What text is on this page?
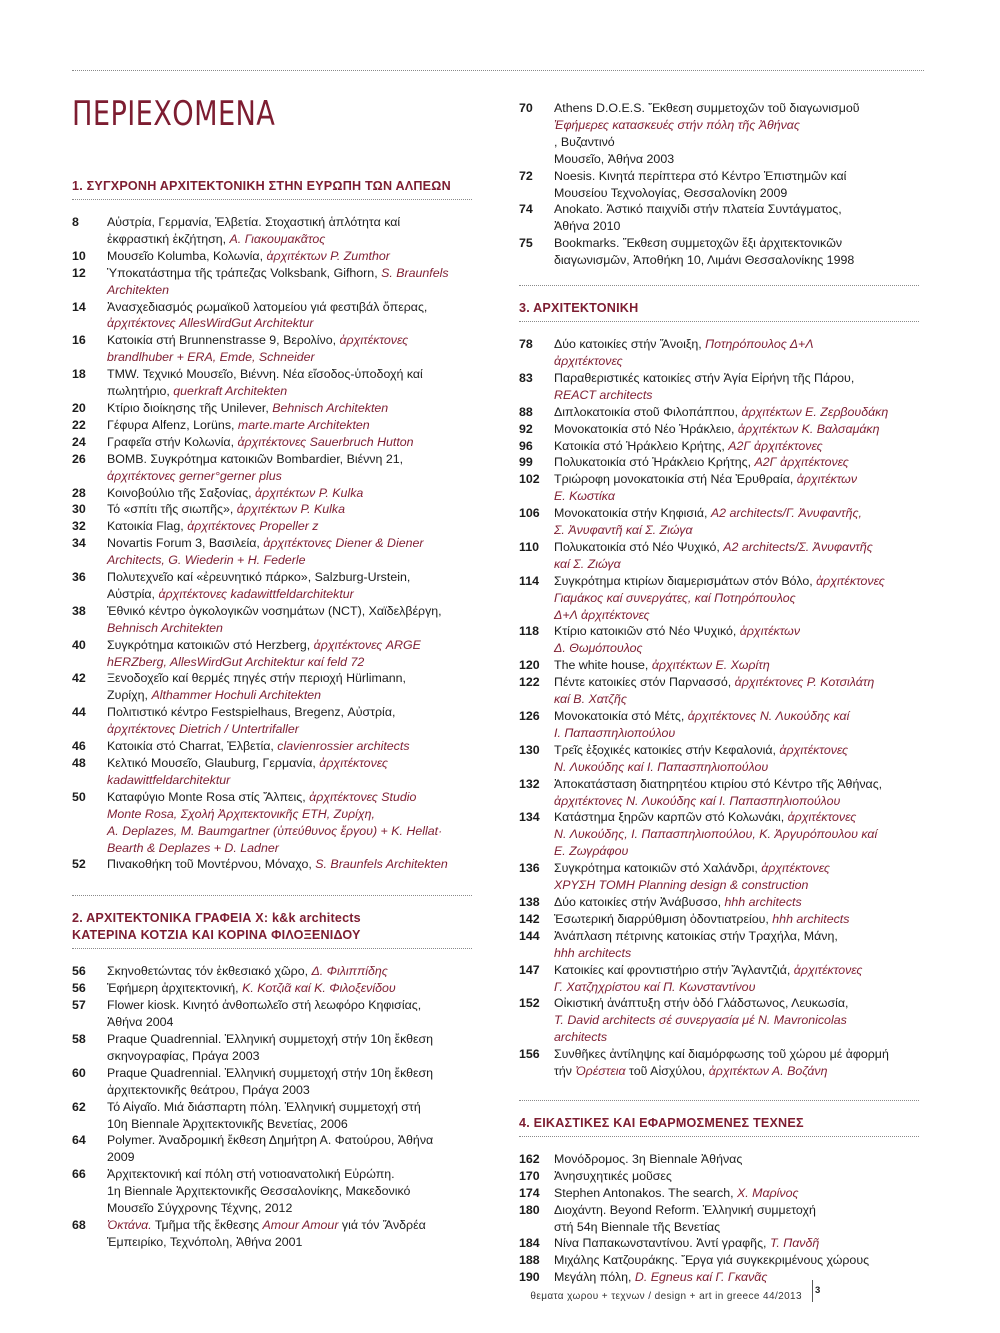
ΠΕΡΙΕΧΟΜΕΝΑ
1. ΣΥΓΧΡΟΝΗ ΑΡΧΙΤΕΚΤΟΝΙΚΗ ΣΤΗΝ ΕΥΡΩΠΗ ΤΩΝ ΑΛΠΕΩΝ
8	Αὐστρία, Γερμανία, Ἑλβετία. Στοχαστική ἁπλότητα καί
ἐκφραστική ἐκζήτηση, Α. Γιακουμακᾶτος
10	Μουσεῖο Kolumba, Κολωνία, ἀρχιτέκτων P. Zumthor
12	Ὑποκατάστημα τῆς τράπεζας Volksbank, Gifhorn, S. Braunfels
Architekten
14	Ἀνασχεδιασμός ρωμαϊκοῦ λατομείου γιά φεστιβάλ ὄπερας,
ἀρχιτέκτονες AllesWirdGut Architektur
16	Κατοικία στή Brunnenstrasse 9, Βερολίνο, ἀρχιτέκτονες
brandlhuber + ERA, Emde, Schneider
18	TMW. Τεχνικό Μουσεῖο, Βιέννη. Νέα εἴσοδος-ὑποδοχή καί
πωλητήριο, querkraft Architekten
20	Κτίριο διοίκησης τῆς Unilever, Behnisch Architekten
22	Γέφυρα Alfenz, Lorüns, marte.marte Architekten
24	Γραφεῖα στήν Κολωνία, ἀρχιτέκτονες Sauerbruch Hutton
26	BOMB. Συγκρότημα κατοικιῶν Bombardier, Βιέννη 21,
ἀρχιτέκτονες gerner°gerner plus
28	Κοινοβούλιο τῆς Σαξονίας, ἀρχιτέκτων P. Kulka
30	Τό «σπίτι τῆς σιωπῆς», ἀρχιτέκτων P. Kulka
32	Κατοικία Flag, ἀρχιτέκτονες Propeller z
34	Novartis Forum 3, Βασιλεία, ἀρχιτέκτονες Diener & Diener
Architects, G. Wiederin + H. Federle
36	Πολυτεχνεῖο καί «ἐρευνητικό πάρκο», Salzburg-Urstein,
Αὐστρία, ἀρχιτέκτονες kadawittfeldarchitektur
38	Ἐθνικό κέντρο ὀγκολογικῶν νοσημάτων (NCT), Χαϊδελβέργη,
Behnisch Architekten
40	Συγκρότημα κατοικιῶν στό Herzberg, ἀρχιτέκτονες ARGE
hERZberg, AllesWirdGut Architektur καί feld 72
42	Ξενοδοχεῖο καί θερμές πηγές στήν περιοχή Hürlimann,
Ζυρίχη, Althammer Hochuli Architekten
44	Πολιτιστικό κέντρο Festspielhaus, Bregenz, Αὐστρία,
ἀρχιτέκτονες Dietrich / Untertrifaller
46	Κατοικία στό Charrat, Ἑλβετία, clavienrossier architects
48	Κελτικό Μουσεῖο, Glauburg, Γερμανία, ἀρχιτέκτονες
kadawittfeldarchitektur
50	Καταφύγιο Monte Rosa στίς Ἄλπεις, ἀρχιτέκτονες Studio
Monte Rosa, Σχολή Ἀρχιτεκτονικῆς ETH, Ζυρίχη,
A. Deplazes, M. Baumgartner (ὑπεύθυνος ἔργου) + K. Hellat·
Bearth & Deplazes + D. Ladner
52	Πινακοθήκη τοῦ Μοντέρνου, Μόναχο, S. Braunfels Architekten
2. ΑΡΧΙΤΕΚΤΟΝΙΚΑ ΓΡΑΦΕΙΑ Χ: k&k architects
ΚΑΤΕΡΙΝΑ ΚΟΤΖΙΑ ΚΑΙ ΚΟΡΙΝΑ ΦΙΛΟΞΕΝΙΔΟΥ
56	Σκηνοθετώντας τόν ἐκθεσιακό χῶρο, Δ. Φιλιππίδης
56	Ἐφήμερη ἀρχιτεκτονική, Κ. Κοτζιᾶ καί Κ. Φιλοξενίδου
57	Flower kiosk. Κινητό ἀνθοπωλεῖο στή λεωφόρο Κηφισίας,
Ἀθήνα 2004
58	Praque Quadrennial. Ἑλληνική συμμετοχή στήν 10η ἔκθεση
σκηνογραφίας, Πράγα 2003
60	Praque Quadrennial. Ἑλληνική συμμετοχή στήν 10η ἔκθεση
ἀρχιτεκτονικῆς θεάτρου, Πράγα 2003
62	Τό Αἰγαῖο. Μιά διάσπαρτη πόλη. Ἑλληνική συμμετοχή στή
10η Biennale Ἀρχιτεκτονικῆς Βενετίας, 2006
64	Polymer. Ἀναδρομική ἔκθεση Δημήτρη Α. Φατούρου, Ἀθήνα
2009
66	Ἀρχιτεκτονική καί πόλη στή νοτιοανατολική Εὐρώπη.
1η Biennale Ἀρχιτεκτονικῆς Θεσσαλονίκης, Μακεδονικό
Μουσεῖο Σύγχρονης Τέχνης, 2012
68	Ὀκτάνα. Τμῆμα τῆς ἔκθεσης Amour Amour γιά τόν Ἄνδρέα
Ἐμπειρίκο, Τεχνόπολη, Ἀθήνα 2001
70	Athens D.O.E.S. Ἔκθεση συμμετοχῶν τοῦ διαγωνισμοῦ
Ἐφήμερες κατασκευές στήν πόλη τῆς Ἀθήνας
, Βυζαντινό
Μουσεῖο, Ἀθήνα 2003
72	Noesis. Κινητά περίπτερα στό Κέντρο Ἐπιστημῶν καί
Μουσείου Τεχνολογίας, Θεσσαλονίκη 2009
74	Anokato. Ἀστικό παιχνίδι στήν πλατεία Συντάγματος,
Ἀθήνα 2010
75	Bookmarks. Ἔκθεση συμμετοχῶν ἔξι ἀρχιτεκτονικῶν
διαγωνισμῶν, Ἀποθήκη 10, Λιμάνι Θεσσαλονίκης 1998
3. ΑΡΧΙΤΕΚΤΟΝΙΚΗ
78	Δύο κατοικίες στήν Ἄνοιξη, Ποτηρόπουλος Δ+Λ
ἀρχιτέκτονες
83	Παραθεριστικές κατοικίες στήν Ἁγία Εἰρήνη τῆς Πάρου,
REACT architects
88	Διπλοκατοικία στοῦ Φιλοπάππου, ἀρχιτέκτων Ε. Ζερβουδάκη
92	Μονοκατοικία στό Νέο Ἡράκλειο, ἀρχιτέκτων Κ. Βαλσαμάκη
96	Κατοικία στό Ἡράκλειο Κρήτης, Α2Γ ἀρχιτέκτονες
99	Πολυκατοικία στό Ἡράκλειο Κρήτης, Α2Γ ἀρχιτέκτονες
102	Τριώροφη μονοκατοικία στή Νέα Ἐρυθραία, ἀρχιτέκτων
Ε. Κωστίκα
106	Μονοκατοικία στήν Κηφισιά, Α2 architects/Γ. Ἀνυφαντῆς,
Σ. Ἀνυφαντῆ καί Σ. Ζιώγα
110	Πολυκατοικία στό Νέο Ψυχικό, Α2 architects/Σ. Ἀνυφαντῆς
καί Σ. Ζιώγα
114	Συγκρότημα κτιρίων διαμερισμάτων στόν Βόλο, ἀρχιτέκτονες
Γιαμάκος καί συνεργάτες, καί Ποτηρόπουλος
Δ+Λ ἀρχιτέκτονες
118	Κτίριο κατοικιῶν στό Νέο Ψυχικό, ἀρχιτέκτων
Δ. Θωμόπουλος
120	The white house, ἀρχιτέκτων Ε. Χωρίτη
122	Πέντε κατοικίες στόν Παρνασσό, ἀρχιτέκτονες Ρ. Κοτσιλάτη
καί Β. Χατζῆς
126	Μονοκατοικία στό Μέτς, ἀρχιτέκτονες Ν. Λυκούδης καί
Ι. Παπασπηλιοπούλου
130	Τρεῖς ἐξοχικές κατοικίες στήν Κεφαλονιά, ἀρχιτέκτονες
Ν. Λυκούδης καί Ι. Παπασπηλιοπούλου
132	Ἀποκατάσταση διατηρητέου κτιρίου στό Κέντρο τῆς Ἀθήνας,
ἀρχιτέκτονες Ν. Λυκούδης καί Ι. Παπασπηλιοπούλου
134	Κατάστημα ξηρῶν καρπῶν στό Κολωνάκι, ἀρχιτέκτονες
Ν. Λυκούδης, Ι. Παπασπηλιοπούλου, Κ. Ἀργυρόπουλου καί
Ε. Ζωγράφου
136	Συγκρότημα κατοικιῶν στό Χαλάνδρι, ἀρχιτέκτονες
ΧΡΥΣΗ ΤΟΜΗ Planning design & construction
138	Δύο κατοικίες στήν Ἀνάβυσσο, hhh architects
142	Ἐσωτερική διαρρύθμιση ὀδοντιατρείου, hhh architects
144	Ἀνάπλαση πέτρινης κατοικίας στήν Τραχήλα, Μάνη,
hhh architects
147	Κατοικίες καί φροντιστήριο στήν Ἄγλαντζιά, ἀρχιτέκτονες
Γ. Χατζηχρίστου καί Π. Κωνσταντίνου
152	Οἰκιστική ἀνάπτυξη στήν ὁδό Γλάδστωνος, Λευκωσία,
T. David architects σέ συνεργασία μέ N. Mavronicolas
architects
156	Συνθῆκες ἀντίληψης καί διαμόρφωσης τοῦ χώρου μέ ἀφορμή
τήν Ὀρέστεια τοῦ Αἰσχύλου, ἀρχιτέκτων Α. Βοζάνη
4. ΕΙΚΑΣΤΙΚΕΣ ΚΑΙ ΕΦΑΡΜΟΣΜΕΝΕΣ ΤΕΧΝΕΣ
162	Μονόδρομος. 3η Biennale Ἀθήνας
170	Ἀνησυχητικές μοῦσες
174	Stephen Antonakos. The search, Χ. Μαρίνος
180	Διοχάντη. Beyond Reform. Ἑλληνική συμμετοχή
στή 54η Biennale τῆς Βενετίας
184	Νίνα Παπακωνσταντίνου. Ἀντί γραφῆς, Τ. Πανδῆ
188	Μιχάλης Κατζουράκης. Ἔργα γιά συγκεκριμένους χώρους
190	Μεγάλη πόλη, D. Egneus καί Γ. Γκανᾶς
θεματα χωρου + τεχνων / design + art in greece 44/2013
3
